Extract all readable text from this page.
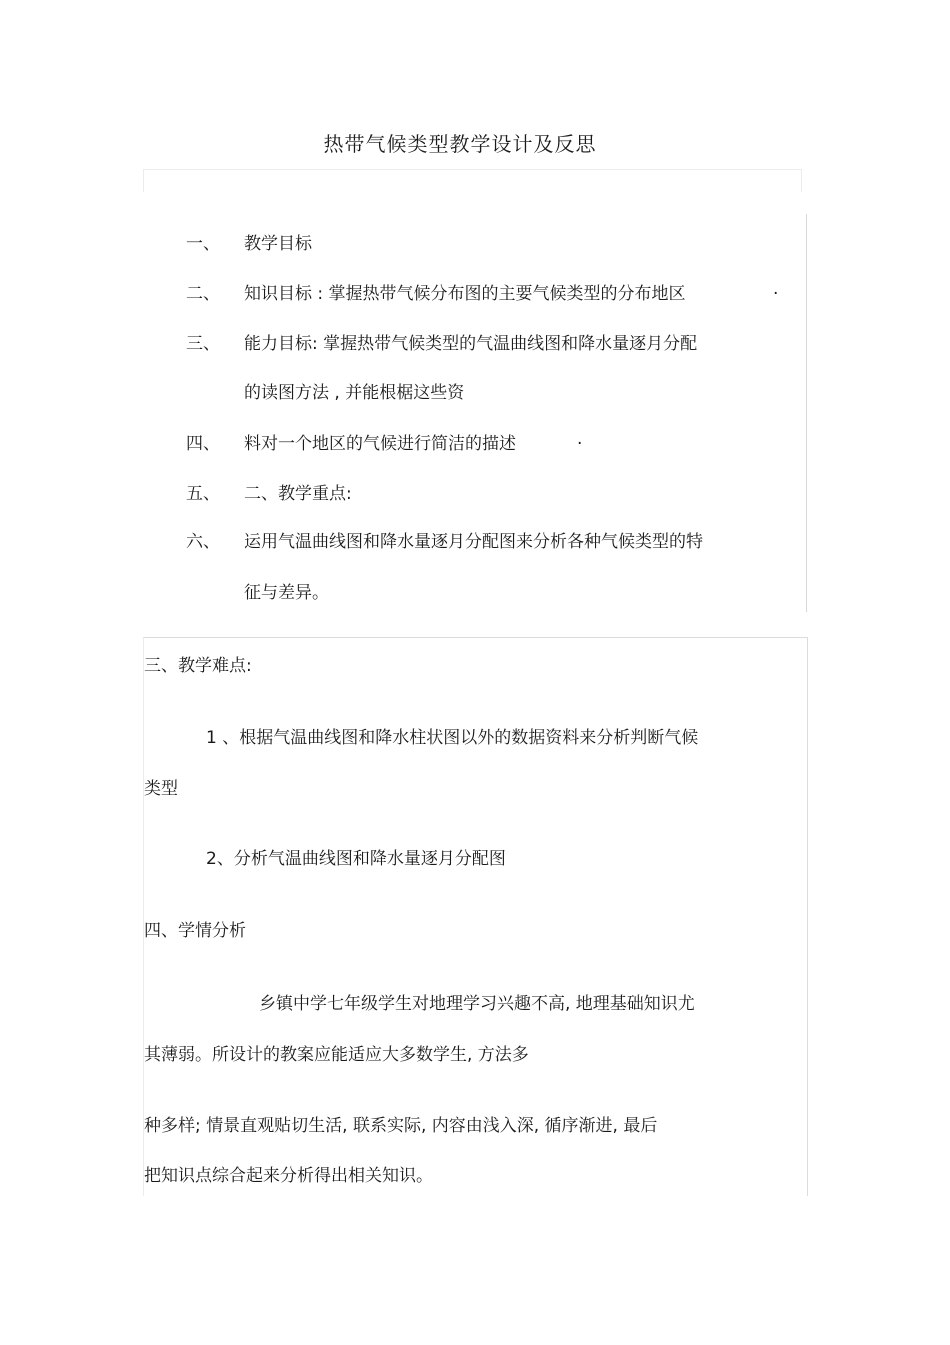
热带气候类型教学设计及反思
一、 教学目标
二、 知识目标 : 掌握热带气候分布图的主要气候类型的分布地区	.
三、 能力目标: 掌握热带气候类型的气温曲线图和降水量逐月分配
的读图方法 , 并能根椐这些资
四、 料对一个地区的气候进行简洁的描述	.
五、 二、教学重点:
六、 运用气温曲线图和降水量逐月分配图来分析各种气候类型的特
征与差异。
三、教学难点:
1 、根据气温曲线图和降水柱状图以外的数据资料来分析判断气候
类型
2、分析气温曲线图和降水量逐月分配图
四、学情分析
乡镇中学七年级学生对地理学习兴趣不高, 地理基础知识尤
其薄弱。所设计的教案应能适应大多数学生, 方法多
种多样; 情景直观贴切生活, 联系实际, 内容由浅入深, 循序渐进, 最后
把知识点综合起来分析得出相关知识。
